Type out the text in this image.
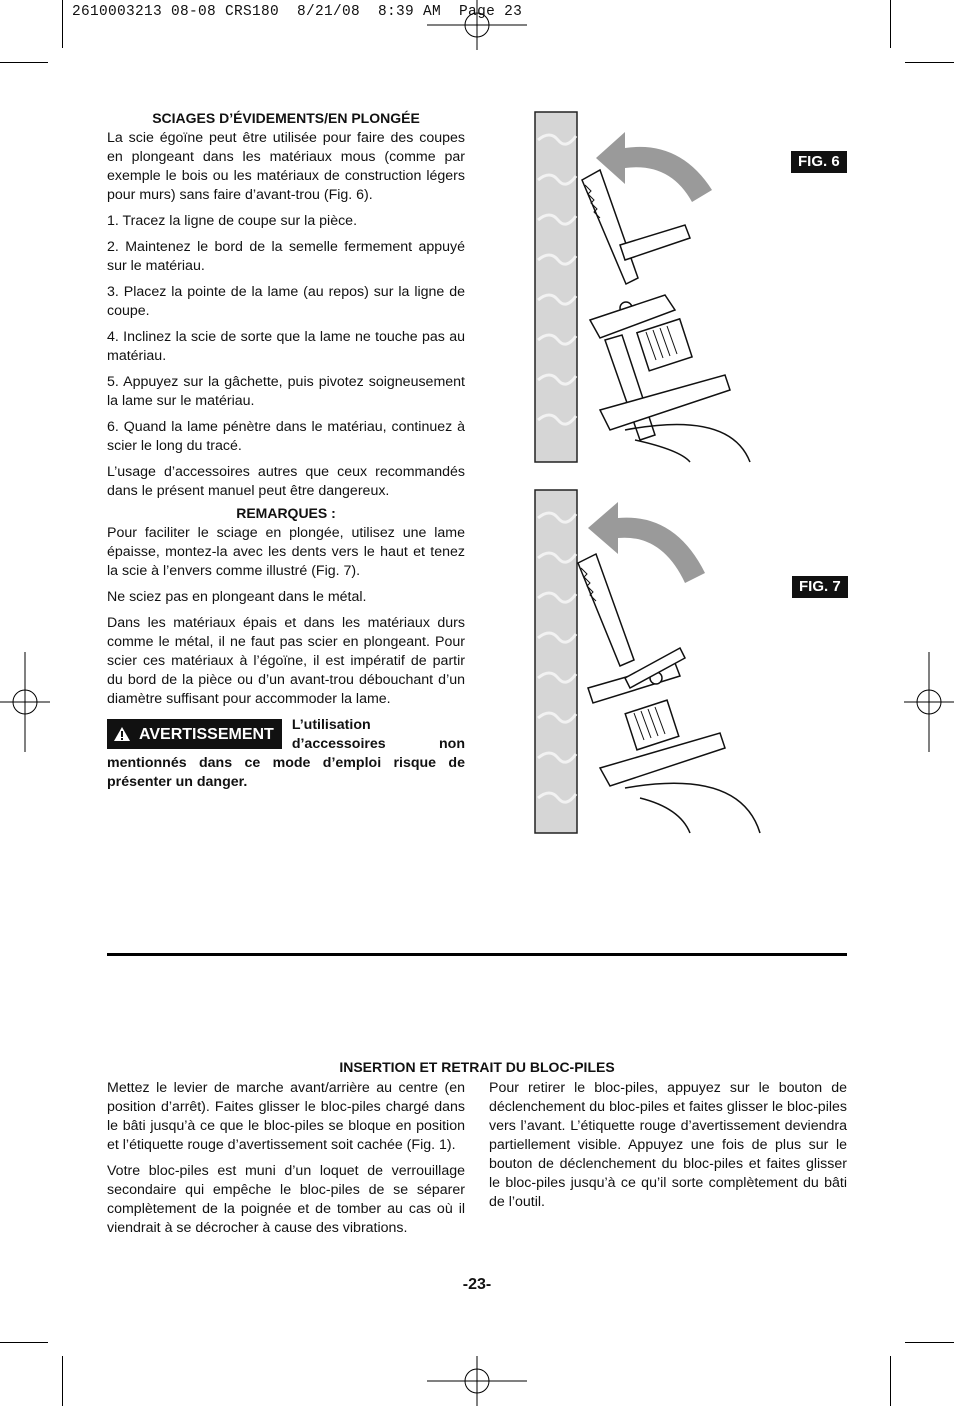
2610003213 08-08 CRS180  8/21/08  8:39 AM  Page 23
SCIAGES D’ÉVIDEMENTS/EN PLONGÉE

La scie égoïne peut être utilisée pour faire des coupes en plongeant dans les matériaux mous (comme par exemple le bois ou les matériaux de construction légers pour murs) sans faire d’avant-trou (Fig. 6).

1. Tracez la ligne de coupe sur la pièce.

2. Maintenez le bord de la semelle fermement appuyé sur le matériau.

3. Placez la pointe de la lame (au repos) sur la ligne de coupe.

4. Inclinez la scie de sorte que la lame ne touche pas au matériau.

5. Appuyez sur la gâchette, puis pivotez soigneusement la lame sur le matériau.

6. Quand la lame pénètre dans le matériau, continuez à scier le long du tracé.

L’usage d’accessoires autres que ceux recommandés dans le présent manuel peut être dangereux.

REMARQUES :

Pour faciliter le sciage en plongée, utilisez une lame épaisse, montez-la avec les dents vers le haut et tenez la scie à l’envers comme illustré (Fig. 7).

Ne sciez pas en plongeant dans le métal.

Dans les matériaux épais et dans les matériaux durs comme le métal, il ne faut pas scier en plongeant. Pour scier ces matériaux à l’égoïne, il est impératif de partir du bord de la pièce ou d’un avant-trou débouchant d’un diamètre suffisant pour accommoder la lame.

AVERTISSEMENT
L’utilisation d’accessoires non mentionnés dans ce mode d’emploi risque de présenter un danger.
FIG. 6
FIG. 7
INSERTION ET RETRAIT DU BLOC-PILES

Mettez le levier de marche avant/arrière au centre (en position d’arrêt). Faites glisser le bloc-piles chargé dans le bâti jusqu’à ce que le bloc-piles se bloque en position et l’étiquette rouge d’avertissement soit cachée (Fig. 1).

Votre bloc-piles est muni d’un loquet de verrouillage secondaire qui empêche le bloc-piles de se séparer complètement de la poignée et de tomber au cas où il viendrait à se décrocher à cause des vibrations.

Pour retirer le bloc-piles, appuyez sur le bouton de déclenchement du bloc-piles et faites glisser le bloc-piles vers l’avant. L’étiquette rouge d’avertissement deviendra partiellement visible. Appuyez une fois de plus sur le bouton de déclenchement du bloc-piles et faites glisser le bloc-piles jusqu’à ce qu’il sorte complètement du bâti de l’outil.

-23-
